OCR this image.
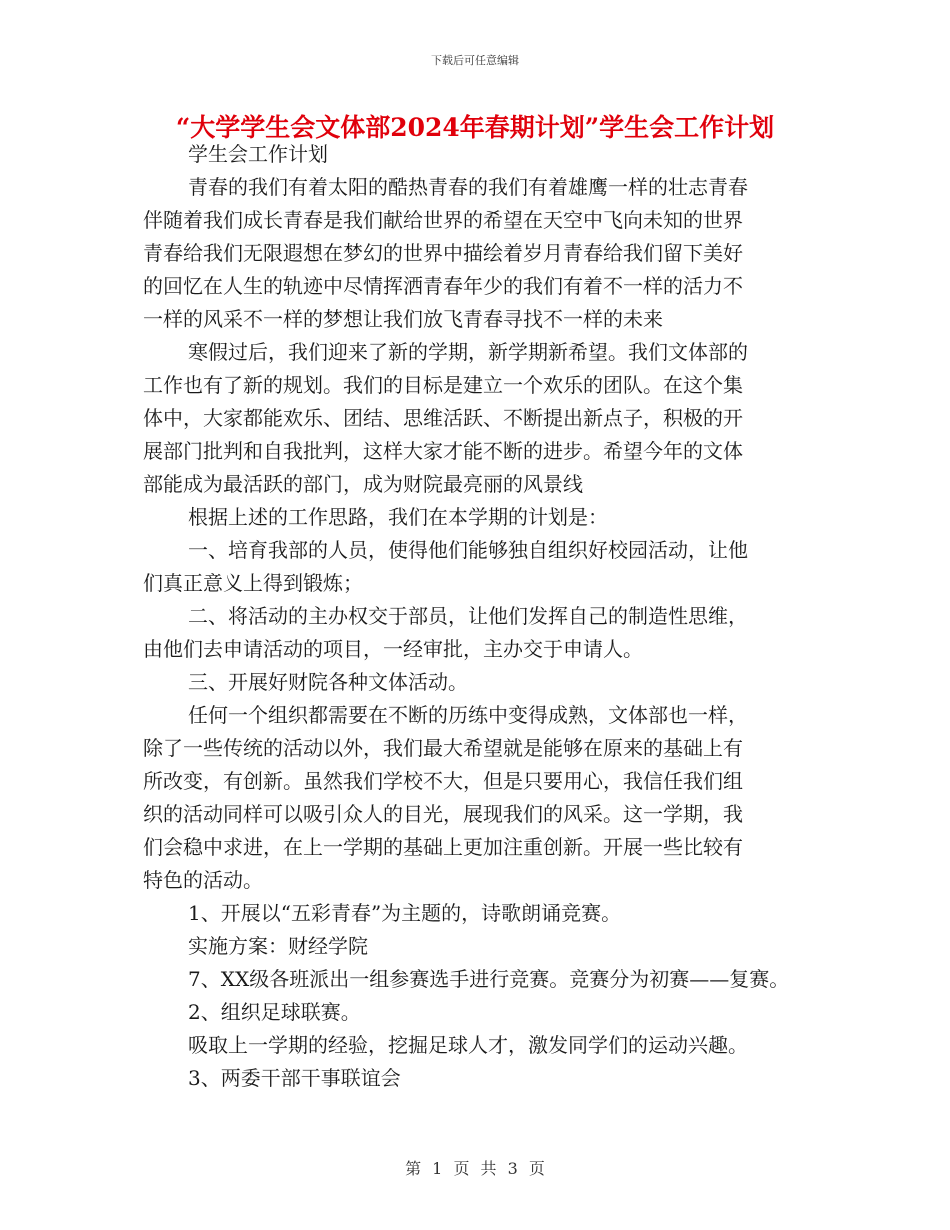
下载后可任意编辑
“大学学生会文体部2024年春期计划”学生会工作计划

学生会工作计划

青春的我们有着太阳的酷热青春的我们有着雄鹰一样的壮志青春

伴随着我们成长青春是我们献给世界的希望在天空中飞向未知的世界

青春给我们无限遐想在梦幻的世界中描绘着岁月青春给我们留下美好

的回忆在人生的轨迹中尽情挥洒青春年少的我们有着不一样的活力不

一样的风采不一样的梦想让我们放飞青春寻找不一样的未来

寒假过后，我们迎来了新的学期，新学期新希望。我们文体部的

工作也有了新的规划。我们的目标是建立一个欢乐的团队。在这个集

体中，大家都能欢乐、团结、思维活跃、不断提出新点子，积极的开

展部门批判和自我批判，这样大家才能不断的进步。希望今年的文体

部能成为最活跃的部门，成为财院最亮丽的风景线

根据上述的工作思路，我们在本学期的计划是：

一、培育我部的人员，使得他们能够独自组织好校园活动，让他

们真正意义上得到锻炼；

二、将活动的主办权交于部员，让他们发挥自己的制造性思维，

由他们去申请活动的项目，一经审批，主办交于申请人。

三、开展好财院各种文体活动。

任何一个组织都需要在不断的历练中变得成熟，文体部也一样，

除了一些传统的活动以外，我们最大希望就是能够在原来的基础上有

所改变，有创新。虽然我们学校不大，但是只要用心，我信任我们组

织的活动同样可以吸引众人的目光，展现我们的风采。这一学期，我

们会稳中求进，在上一学期的基础上更加注重创新。开展一些比较有

特色的活动。

1、开展以“五彩青春”为主题的，诗歌朗诵竞赛。

实施方案：财经学院

7、XX级各班派出一组参赛选手进行竞赛。竞赛分为初赛——复赛。

2、组织足球联赛。

吸取上一学期的经验，挖掘足球人才，激发同学们的运动兴趣。

3、两委干部干事联谊会

第 1 页 共 3 页
